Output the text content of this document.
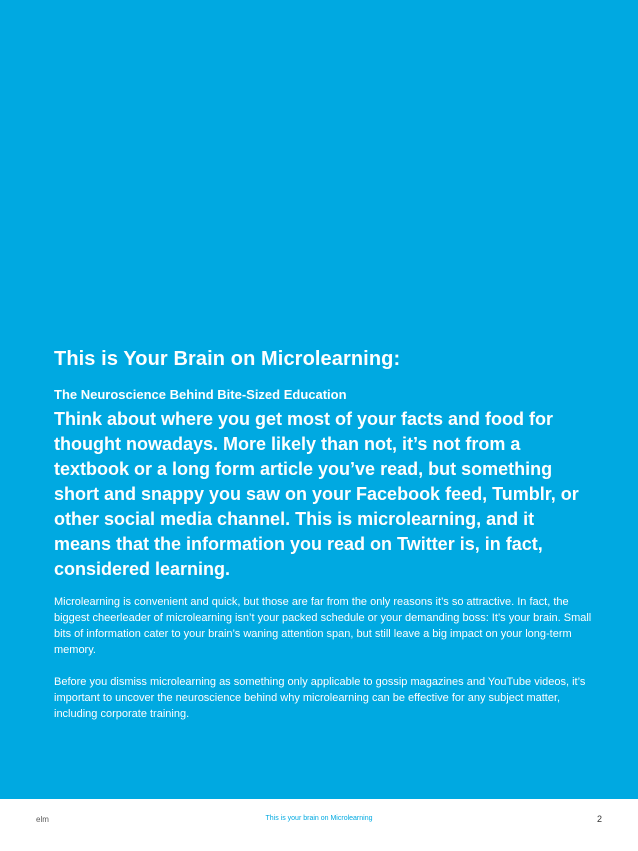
This is Your Brain on Microlearning:

The Neuroscience Behind Bite-Sized Education

Think about where you get most of your facts and food for thought nowadays. More likely than not, it’s not from a textbook or a long form article you’ve read, but something short and snappy you saw on your Facebook feed, Tumblr, or other social media channel. This is microlearning, and it means that the information you read on Twitter is, in fact, considered learning.

Microlearning is convenient and quick, but those are far from the only reasons it’s so attractive. In fact, the biggest cheerleader of microlearning isn’t your packed schedule or your demanding boss: It’s your brain. Small bits of information cater to your brain’s waning attention span, but still leave a big impact on your long-term memory.

Before you dismiss microlearning as something only applicable to gossip magazines and YouTube videos, it’s important to uncover the neuroscience behind why microlearning can be effective for any subject matter, including corporate training.

elm	This is your brain on Microlearning	2
